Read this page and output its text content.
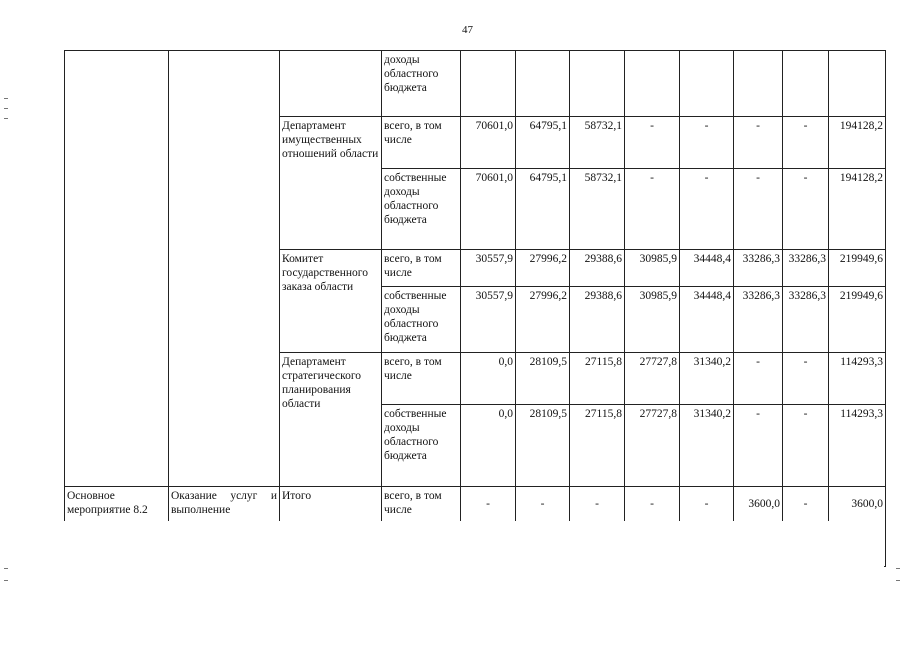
47
			доходы областного бюджета								
		Департамент имущественных отношений области	всего, в том числе	70601,0	64795,1	58732,1	-	-	-	-	194128,2
			собственные доходы областного бюджета	70601,0	64795,1	58732,1	-	-	-	-	194128,2
		Комитет государственного заказа области	всего, в том числе	30557,9	27996,2	29388,6	30985,9	34448,4	33286,3	33286,3	219949,6
			собственные доходы областного бюджета	30557,9	27996,2	29388,6	30985,9	34448,4	33286,3	33286,3	219949,6
		Департамент стратегического планирования области	всего, в том числе	0,0	28109,5	27115,8	27727,8	31340,2	-	-	114293,3
			собственные доходы областного бюджета	0,0	28109,5	27115,8	27727,8	31340,2	-	-	114293,3
Основное мероприятие 8.2	Оказание услуг и выполнение	Итого	всего, в том числе	-	-	-	-	-	3600,0	-	3600,0
